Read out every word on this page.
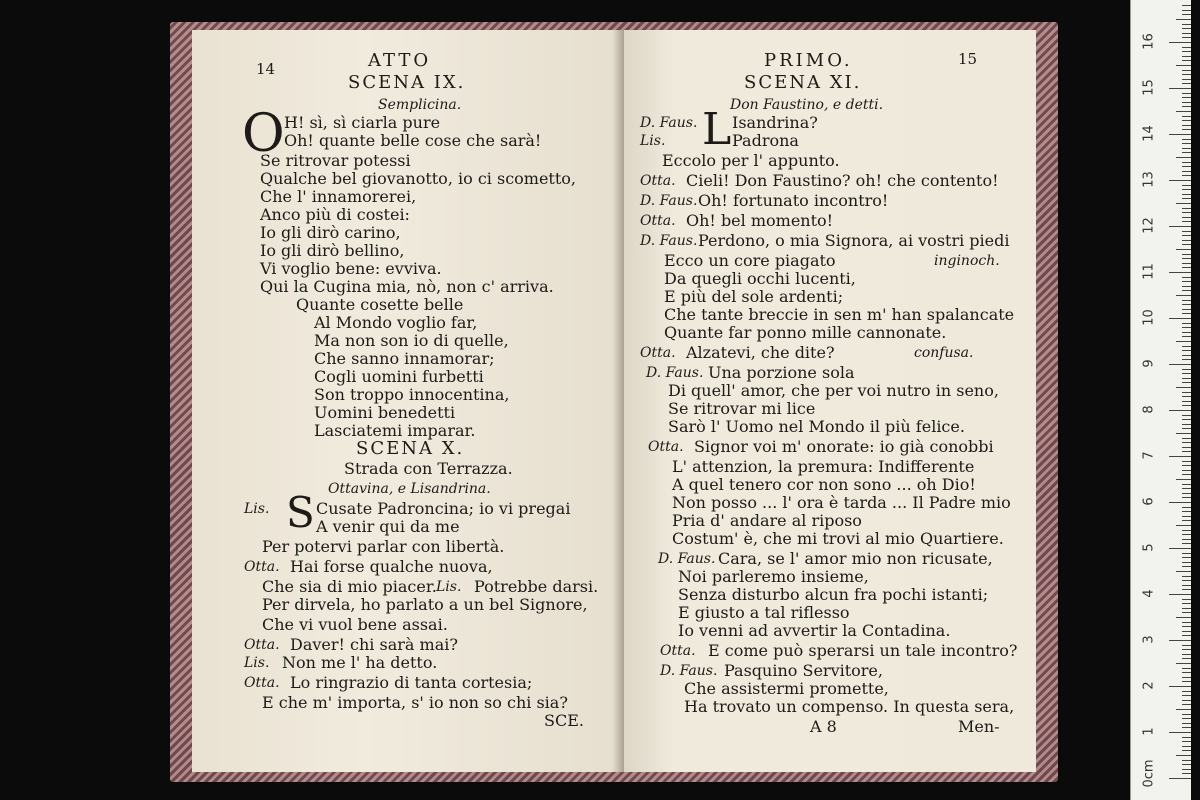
14	ATTO
SCENA IX.
Semplicina.
O H! sì, sì ciarla pure
Oh! quante belle cose che sarà!
Se ritrovar potessi
Qualche bel giovanotto, io ci scometto,
Che l' innamorerei,
Anco più di costei:
Io gli dirò carino,
Io gli dirò bellino,
Vi voglio bene: evviva.
Qui la Cugina mia, nò, non c' arriva.
Quante cosette belle
Al Mondo voglio far,
Ma non son io di quelle,
Che sanno innamorar;
Cogli uomini furbetti
Son troppo innocentina,
Uomini benedetti
Lasciatemi imparar.
SCENA X.
Strada con Terrazza.
Ottavina, e Lisandrina.
Lis. S Cusate Padroncina; io vi pregai
A venir qui da me
Per potervi parlar con libertà.
Otta. Hai forse qualche nuova,
Che sia di mio piacer. Lis. Potrebbe darsi.
Per dirvela, ho parlato a un bel Signore,
Che vi vuol bene assai.
Otta. Daver! chi sarà mai?
Lis. Non me l' ha detto.
Otta. Lo ringrazio di tanta cortesia;
E che m' importa, s' io non so chi sia?
SCE.
PRIMO.	15
SCENA XI.
Don Faustino, e detti.
D. Faus. L Isandrina?
Lis.	Padrona
Eccolo per l' appunto.
Otta. Cieli! Don Faustino? oh! che contento!
D. Faus. Oh! fortunato incontro!
Otta. Oh! bel momento!
D. Faus. Perdono, o mia Signora, ai vostri piedi
Ecco un core piagato	inginoch.
Da quegli occhi lucenti,
E più del sole ardenti;
Che tante breccie in sen m' han spalancate
Quante far ponno mille cannonate.
Otta. Alzatevi, che dite?	confusa.
D. Faus. Una porzione sola
Di quell' amor, che per voi nutro in seno,
Se ritrovar mi lice
Sarò l' Uomo nel Mondo il più felice.
Otta. Signor voi m' onorate: io già conobbi
L' attenzion, la premura: Indifferente
A quel tenero cor non sono ... oh Dio!
Non posso ... l' ora è tarda ... Il Padre mio
Pria d' andare al riposo
Costum' è, che mi trovi al mio Quartiere.
D. Faus. Cara, se l' amor mio non ricusate,
Noi parleremo insieme,
Senza disturbo alcun fra pochi istanti;
E giusto a tal riflesso
Io venni ad avvertir la Contadina.
Otta. E come può sperarsi un tale incontro?
D. Faus. Pasquino Servitore,
Che assistermi promette,
Ha trovato un compenso. In questa sera,
A 8	Men-
0cm
1
2
3
4
5
6
7
8
9
10
11
12
13
14
15
16
